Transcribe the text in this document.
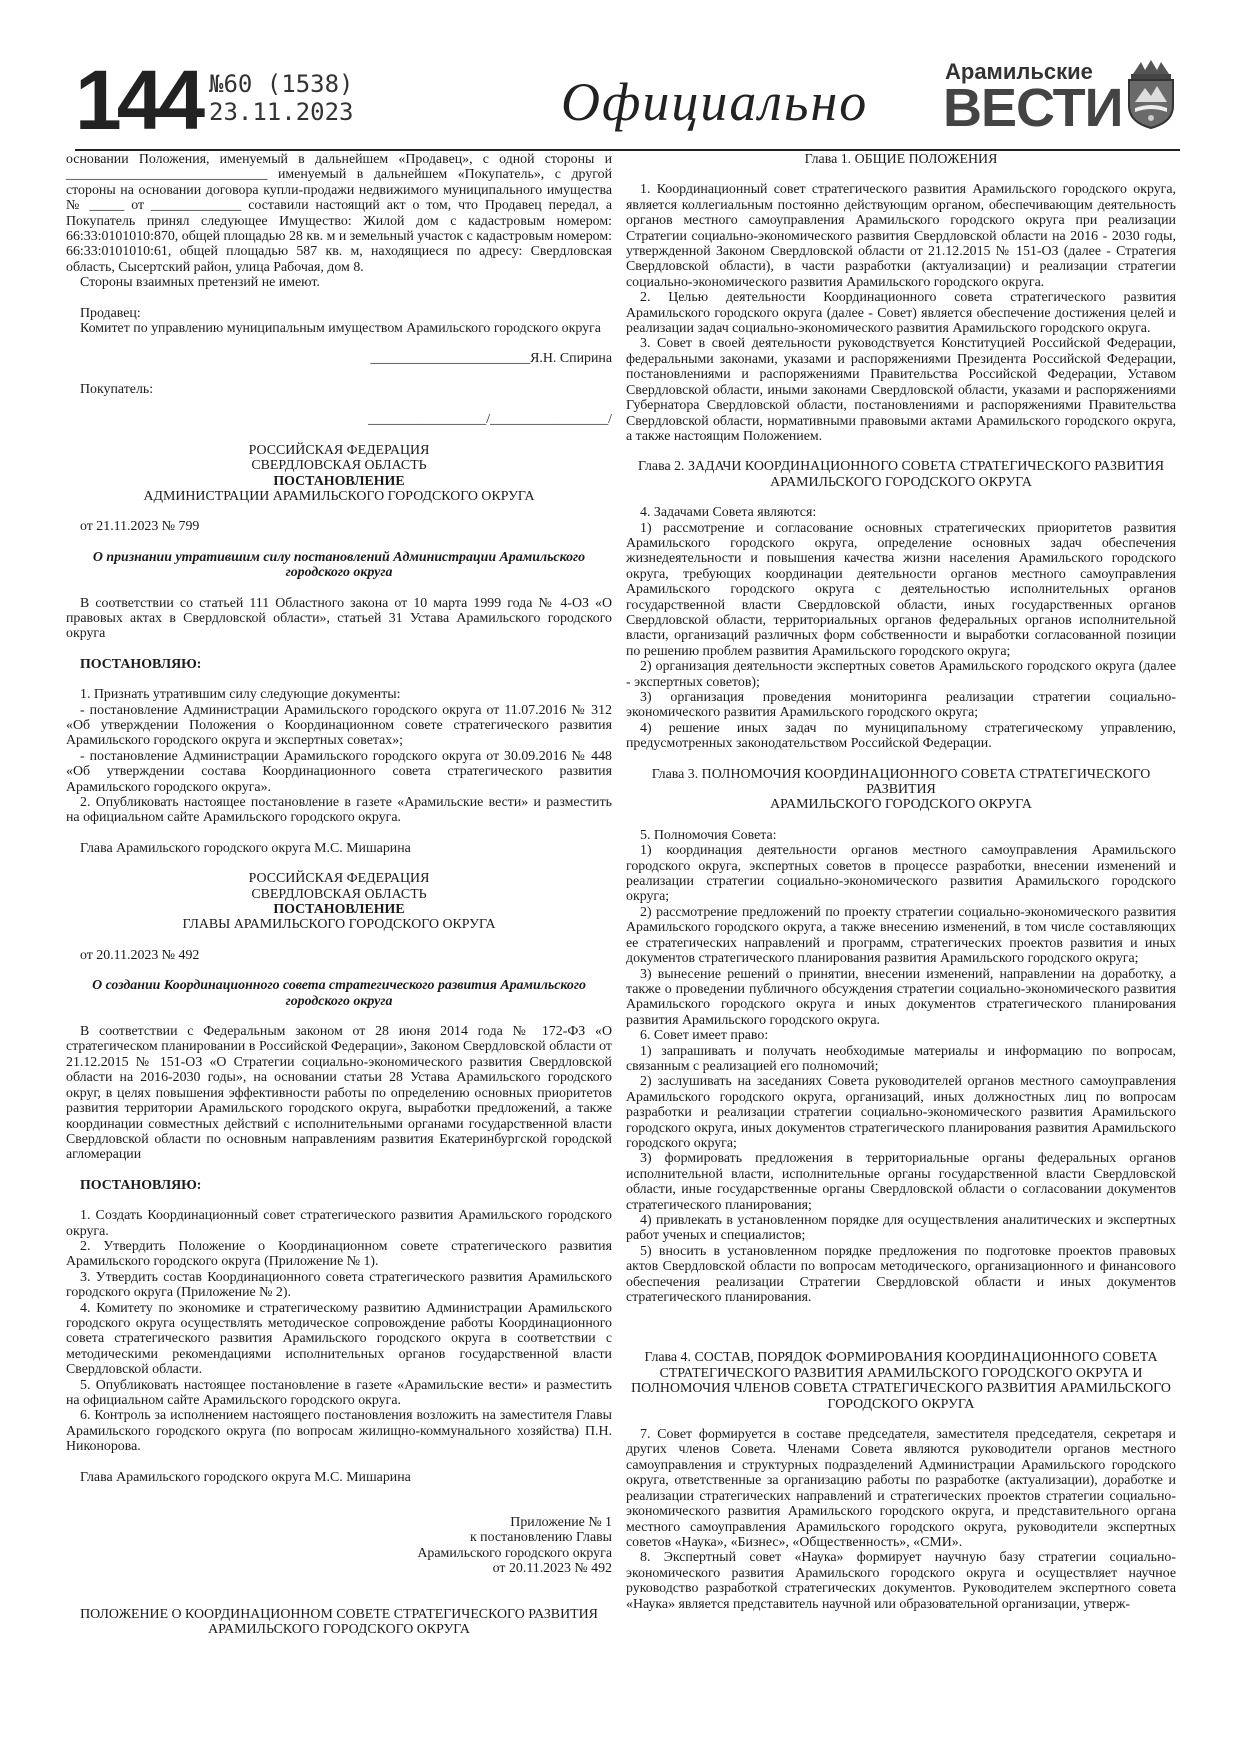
144 №60 (1538)
23.11.2023	Официально
Арамильские
ВЕСТИ

основании Положения, именуемый в дальнейшем «Продавец», с одной стороны и _____________________________ именуемый в дальнейшем «Покупатель», с другой стороны на основании договора купли-продажи недвижимого муниципального имущества № _____ от _____________ составили настоящий акт о том, что Продавец передал, а Покупатель принял следующее Имущество: Жилой дом с кадастровым номером: 66:33:0101010:870, общей площадью 28 кв. м и земельный участок с кадастровым номером: 66:33:0101010:61, общей площадью 587 кв. м, находящиеся по адресу: Свердловская область, Сысертский район, улица Рабочая, дом 8.

Стороны взаимных претензий не имеют.

Продавец:

Комитет по управлению муниципальным имуществом Арамильского городского округа

_______________________Я.Н. Спирина

Покупатель:

_________________/_________________/

РОССИЙСКАЯ ФЕДЕРАЦИЯ

СВЕРДЛОВСКАЯ ОБЛАСТЬ

ПОСТАНОВЛЕНИЕ

АДМИНИСТРАЦИИ АРАМИЛЬСКОГО ГОРОДСКОГО ОКРУГА

от 21.11.2023 № 799

О признании утратившим силу постановлений Администрации Арамильского городского округа

В соответствии со статьей 111 Областного закона от 10 марта 1999 года № 4-ОЗ «О правовых актах в Свердловской области», статьей 31 Устава Арамильского городского округа

ПОСТАНОВЛЯЮ:

1. Признать утратившим силу следующие документы:

- постановление Администрации Арамильского городского округа от 11.07.2016 № 312 «Об утверждении Положения о Координационном совете стратегического развития Арамильского городского округа и экспертных советах»;

- постановление Администрации Арамильского городского округа от 30.09.2016 № 448 «Об утверждении состава Координационного совета стратегического развития Арамильского городского округа».

2. Опубликовать настоящее постановление в газете «Арамильские вести» и разместить на официальном сайте Арамильского городского округа.

Глава Арамильского городского округа М.С. Мишарина

РОССИЙСКАЯ ФЕДЕРАЦИЯ

СВЕРДЛОВСКАЯ ОБЛАСТЬ

ПОСТАНОВЛЕНИЕ

ГЛАВЫ АРАМИЛЬСКОГО ГОРОДСКОГО ОКРУГА

от 20.11.2023 № 492

О создании Координационного совета стратегического развития Арамильского городского округа

В соответствии с Федеральным законом от 28 июня 2014 года № 172-ФЗ «О стратегическом планировании в Российской Федерации», Законом Свердловской области от 21.12.2015 № 151-ОЗ «О Стратегии социально-экономического развития Свердловской области на 2016-2030 годы», на основании статьи 28 Устава Арамильского городского округ, в целях повышения эффективности работы по определению основных приоритетов развития территории Арамильского городского округа, выработки предложений, а также координации совместных действий с исполнительными органами государственной власти Свердловской области по основным направлениям развития Екатеринбургской городской агломерации

ПОСТАНОВЛЯЮ:

1. Создать Координационный совет стратегического развития Арамильского городского округа.

2. Утвердить Положение о Координационном совете стратегического развития Арамильского городского округа (Приложение № 1).

3. Утвердить состав Координационного совета стратегического развития Арамильского городского округа (Приложение № 2).

4. Комитету по экономике и стратегическому развитию Администрации Арамильского городского округа осуществлять методическое сопровождение работы Координационного совета стратегического развития Арамильского городского округа в соответствии с методическими рекомендациями исполнительных органов государственной власти Свердловской области.

5. Опубликовать настоящее постановление в газете «Арамильские вести» и разместить на официальном сайте Арамильского городского округа.

6. Контроль за исполнением настоящего постановления возложить на заместителя Главы Арамильского городского округа (по вопросам жилищно-коммунального хозяйства) П.Н. Никонорова.

Глава Арамильского городского округа М.С. Мишарина

Приложение № 1

к постановлению Главы

Арамильского городского округа

от 20.11.2023 № 492

ПОЛОЖЕНИЕ О КООРДИНАЦИОННОМ СОВЕТЕ СТРАТЕГИЧЕСКОГО РАЗВИТИЯ АРАМИЛЬСКОГО ГОРОДСКОГО ОКРУГА

Глава 1. ОБЩИЕ ПОЛОЖЕНИЯ

1. Координационный совет стратегического развития Арамильского городского округа, является коллегиальным постоянно действующим органом, обеспечивающим деятельность органов местного самоуправления Арамильского городского округа при реализации Стратегии социально-экономического развития Свердловской области на 2016 - 2030 годы, утвержденной Законом Свердловской области от 21.12.2015 № 151-ОЗ (далее - Стратегия Свердловской области), в части разработки (актуализации) и реализации стратегии социально-экономического развития Арамильского городского округа.

2. Целью деятельности Координационного совета стратегического развития Арамильского городского округа (далее - Совет) является обеспечение достижения целей и реализации задач социально-экономического развития Арамильского городского округа.

3. Совет в своей деятельности руководствуется Конституцией Российской Федерации, федеральными законами, указами и распоряжениями Президента Российской Федерации, постановлениями и распоряжениями Правительства Российской Федерации, Уставом Свердловской области, иными законами Свердловской области, указами и распоряжениями Губернатора Свердловской области, постановлениями и распоряжениями Правительства Свердловской области, нормативными правовыми актами Арамильского городского округа, а также настоящим Положением.

Глава 2. ЗАДАЧИ КООРДИНАЦИОННОГО СОВЕТА СТРАТЕГИЧЕСКОГО РАЗВИТИЯ АРАМИЛЬСКОГО ГОРОДСКОГО ОКРУГА

4. Задачами Совета являются:

1) рассмотрение и согласование основных стратегических приоритетов развития Арамильского городского округа, определение основных задач обеспечения жизнедеятельности и повышения качества жизни населения Арамильского городского округа, требующих координации деятельности органов местного самоуправления Арамильского городского округа с деятельностью исполнительных органов государственной власти Свердловской области, иных государственных органов Свердловской области, территориальных органов федеральных органов исполнительной власти, организаций различных форм собственности и выработки согласованной позиции по решению проблем развития Арамильского городского округа;

2) организация деятельности экспертных советов Арамильского городского округа (далее - экспертных советов);

3) организация проведения мониторинга реализации стратегии социально-экономического развития Арамильского городского округа;

4) решение иных задач по муниципальному стратегическому управлению, предусмотренных законодательством Российской Федерации.

Глава 3. ПОЛНОМОЧИЯ КООРДИНАЦИОННОГО СОВЕТА СТРАТЕГИЧЕСКОГО РАЗВИТИЯ

АРАМИЛЬСКОГО ГОРОДСКОГО ОКРУГА

5. Полномочия Совета:

1) координация деятельности органов местного самоуправления Арамильского городского округа, экспертных советов в процессе разработки, внесении изменений и реализации стратегии социально-экономического развития Арамильского городского округа;

2) рассмотрение предложений по проекту стратегии социально-экономического развития Арамильского городского округа, а также внесению изменений, в том числе составляющих ее стратегических направлений и программ, стратегических проектов развития и иных документов стратегического планирования развития Арамильского городского округа;

3) вынесение решений о принятии, внесении изменений, направлении на доработку, а также о проведении публичного обсуждения стратегии социально-экономического развития Арамильского городского округа и иных документов стратегического планирования развития Арамильского городского округа.

6. Совет имеет право:

1) запрашивать и получать необходимые материалы и информацию по вопросам, связанным с реализацией его полномочий;

2) заслушивать на заседаниях Совета руководителей органов местного самоуправления Арамильского городского округа, организаций, иных должностных лиц по вопросам разработки и реализации стратегии социально-экономического развития Арамильского городского округа, иных документов стратегического планирования развития Арамильского городского округа;

3) формировать предложения в территориальные органы федеральных органов исполнительной власти, исполнительные органы государственной власти Свердловской области, иные государственные органы Свердловской области о согласовании документов стратегического планирования;

4) привлекать в установленном порядке для осуществления аналитических и экспертных работ ученых и специалистов;

5) вносить в установленном порядке предложения по подготовке проектов правовых актов Свердловской области по вопросам методического, организационного и финансового обеспечения реализации Стратегии Свердловской области и иных документов стратегического планирования.

Глава 4. СОСТАВ, ПОРЯДОК ФОРМИРОВАНИЯ КООРДИНАЦИОННОГО СОВЕТА СТРАТЕГИЧЕСКОГО РАЗВИТИЯ АРАМИЛЬСКОГО ГОРОДСКОГО ОКРУГА И ПОЛНОМОЧИЯ ЧЛЕНОВ СОВЕТА СТРАТЕГИЧЕСКОГО РАЗВИТИЯ АРАМИЛЬСКОГО ГОРОДСКОГО ОКРУГА

7. Совет формируется в составе председателя, заместителя председателя, секретаря и других членов Совета. Членами Совета являются руководители органов местного самоуправления и структурных подразделений Администрации Арамильского городского округа, ответственные за организацию работы по разработке (актуализации), доработке и реализации стратегических направлений и стратегических проектов стратегии социально-экономического развития Арамильского городского округа, и представительного органа местного самоуправления Арамильского городского округа, руководители экспертных советов «Наука», «Бизнес», «Общественность», «СМИ».

8. Экспертный совет «Наука» формирует научную базу стратегии социально-экономического развития Арамильского городского округа и осуществляет научное руководство разработкой стратегических документов. Руководителем экспертного совета «Наука» является представитель научной или образовательной организации, утверж-
